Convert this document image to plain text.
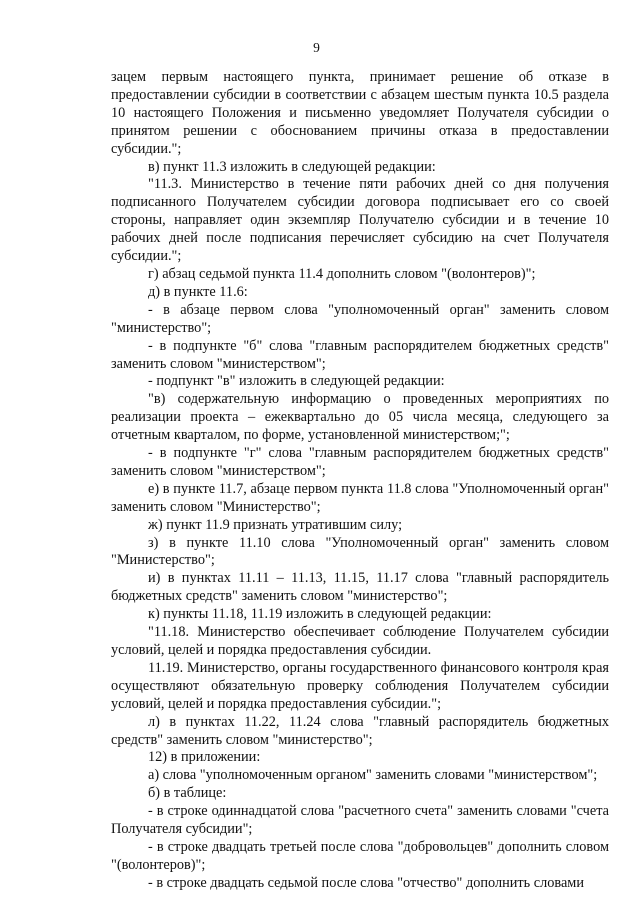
9

зацем первым настоящего пункта, принимает решение об отказе в предоставлении субсидии в соответствии с абзацем шестым пункта 10.5 раздела 10 настоящего Положения и письменно уведомляет Получателя субсидии о принятом решении с обоснованием причины отказа в предоставлении субсидии.";

в) пункт 11.3 изложить в следующей редакции:

"11.3. Министерство в течение пяти рабочих дней со дня получения подписанного Получателем субсидии договора подписывает его со своей стороны, направляет один экземпляр Получателю субсидии и в течение 10 рабочих дней после подписания перечисляет субсидию на счет Получателя субсидии.";

г) абзац седьмой пункта 11.4 дополнить словом "(волонтеров)";

д) в пункте 11.6:

- в абзаце первом слова "уполномоченный орган" заменить словом "министерство";

- в подпункте "б" слова "главным распорядителем бюджетных средств" заменить словом "министерством";

- подпункт "в" изложить в следующей редакции:

"в) содержательную информацию о проведенных мероприятиях по реализации проекта – ежеквартально до 05 числа месяца, следующего за отчетным кварталом, по форме, установленной министерством;";

- в подпункте "г" слова "главным распорядителем бюджетных средств" заменить словом "министерством";

е) в пункте 11.7, абзаце первом пункта 11.8 слова "Уполномоченный орган" заменить словом "Министерство";

ж) пункт 11.9 признать утратившим силу;

з) в пункте 11.10 слова "Уполномоченный орган" заменить словом "Министерство";

и) в пунктах 11.11 – 11.13, 11.15, 11.17 слова "главный распорядитель бюджетных средств" заменить словом "министерство";

к) пункты 11.18, 11.19 изложить в следующей редакции:

"11.18. Министерство обеспечивает соблюдение Получателем субсидии условий, целей и порядка предоставления субсидии.

11.19. Министерство, органы государственного финансового контроля края осуществляют обязательную проверку соблюдения Получателем субсидии условий, целей и порядка предоставления субсидии.";

л) в пунктах 11.22, 11.24 слова "главный распорядитель бюджетных средств" заменить словом "министерство";

12) в приложении:

а) слова "уполномоченным органом" заменить словами "министерством";

б) в таблице:

- в строке одиннадцатой слова "расчетного счета" заменить словами "счета Получателя субсидии";

- в строке двадцать третьей после слова "добровольцев" дополнить словом "(волонтеров)";

- в строке двадцать седьмой после слова "отчество" дополнить словами
